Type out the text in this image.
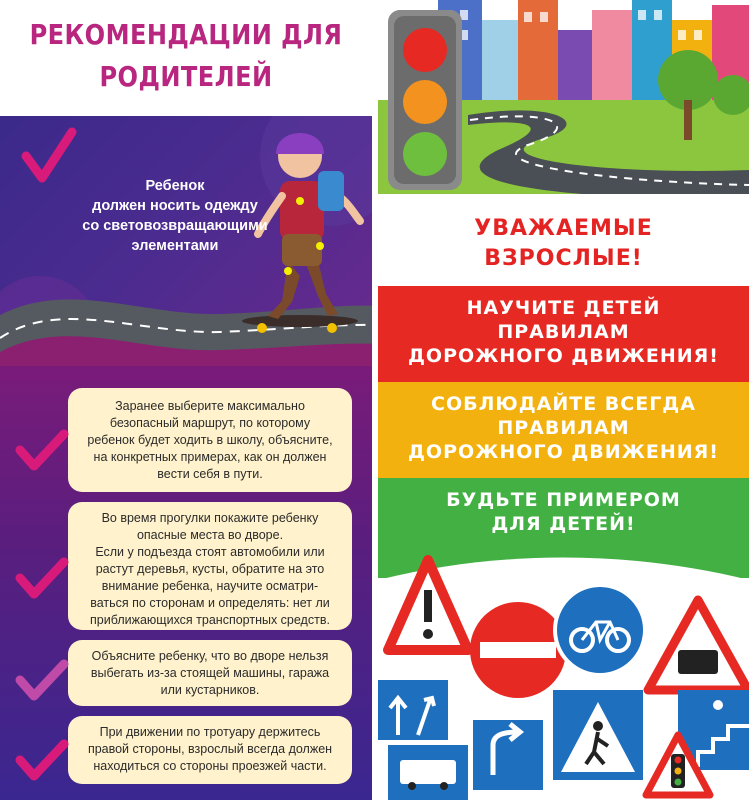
РЕКОМЕНДАЦИИ ДЛЯ
РОДИТЕЛЕЙ
Ребенок
должен носить одежду
со световозвращающими
элементами
Заранее выберите максимально
безопасный маршрут, по которому
ребенок будет ходить в школу, объясните,
на конкретных примерах, как он должен
вести себя в пути.
Во время прогулки покажите ребенку
опасные места во дворе.
Если у подъезда стоят автомобили или
растут деревья, кусты, обратите на это
внимание ребенка, научите осматри-
ваться по сторонам и определять: нет ли
приближающихся транспортных средств.
Объясните ребенку, что во дворе нельзя
выбегать из-за стоящей машины, гаража
или кустарников.
При движении по тротуару держитесь
правой стороны, взрослый всегда должен
находиться со стороны проезжей части.
УВАЖАЕМЫЕ
ВЗРОСЛЫЕ!
НАУЧИТЕ ДЕТЕЙ
ПРАВИЛАМ
ДОРОЖНОГО ДВИЖЕНИЯ!
СОБЛЮДАЙТЕ ВСЕГДА
ПРАВИЛАМ
ДОРОЖНОГО ДВИЖЕНИЯ!
БУДЬТЕ ПРИМЕРОМ
ДЛЯ ДЕТЕЙ!
